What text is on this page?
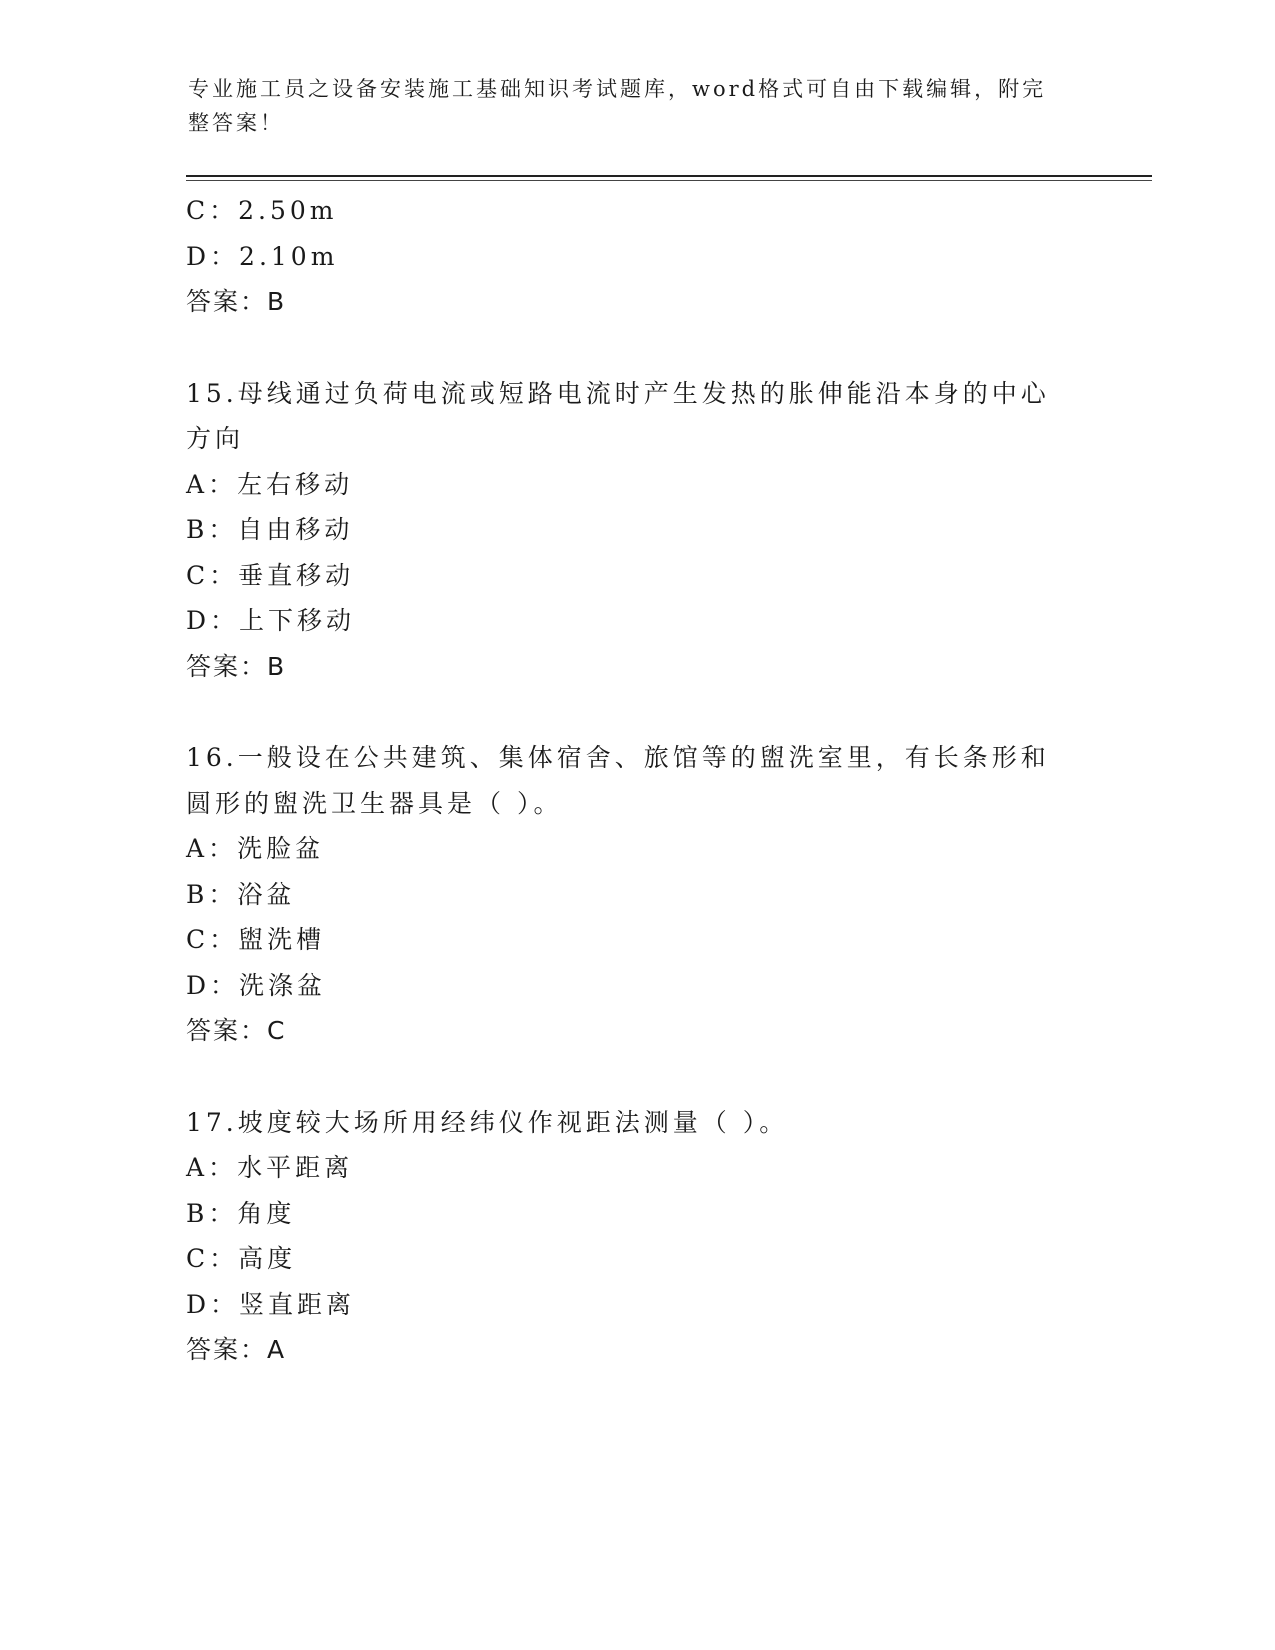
专业施工员之设备安装施工基础知识考试题库，word格式可自由下载编辑，附完整答案！
C：2.50m
D：2.10m
答案：B
15.母线通过负荷电流或短路电流时产生发热的胀伸能沿本身的中心方向
A：左右移动
B：自由移动
C：垂直移动
D：上下移动
答案：B
16.一般设在公共建筑、集体宿舍、旅馆等的盥洗室里，有长条形和圆形的盥洗卫生器具是（ ）。
A：洗脸盆
B：浴盆
C：盥洗槽
D：洗涤盆
答案：C
17.坡度较大场所用经纬仪作视距法测量（ ）。
A：水平距离
B：角度
C：高度
D：竖直距离
答案：A
